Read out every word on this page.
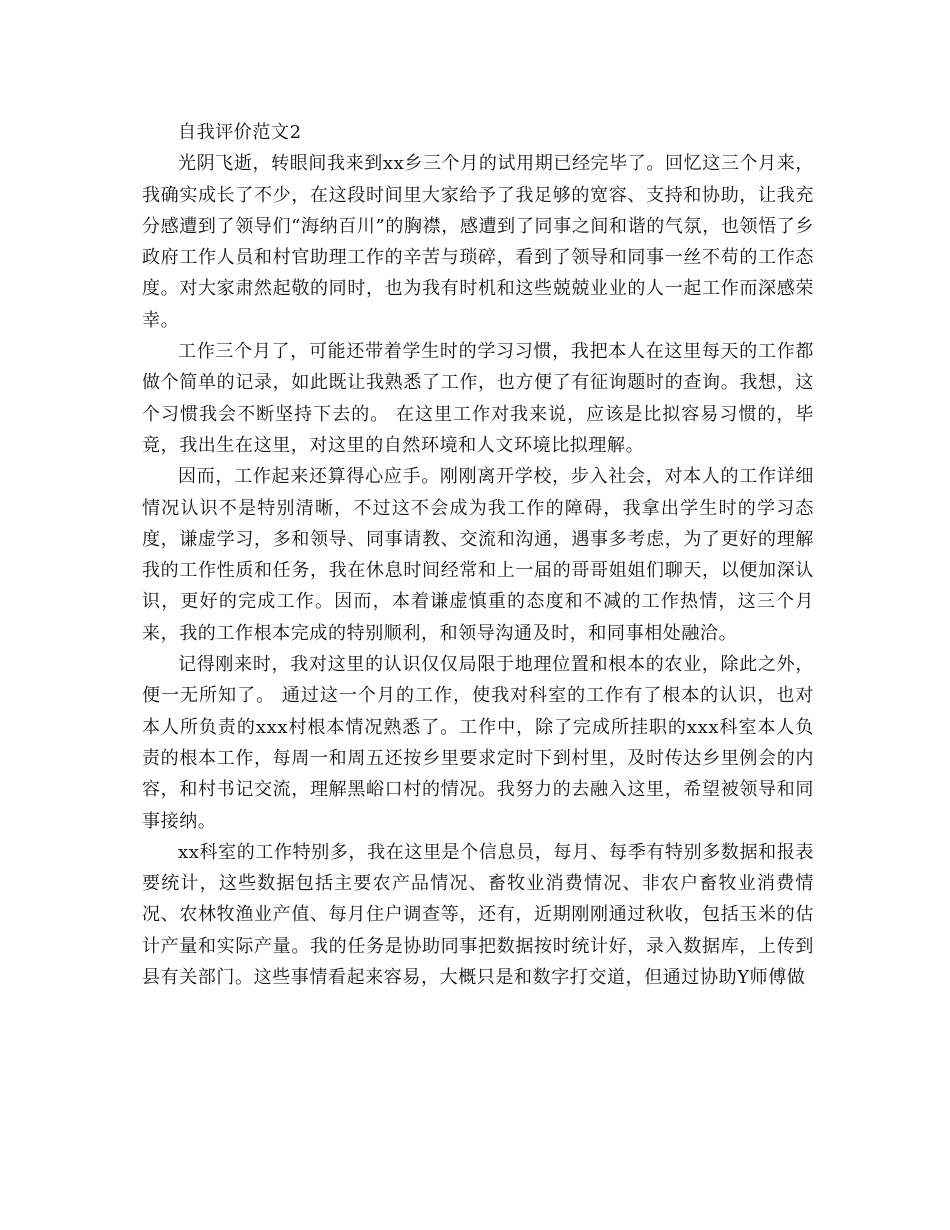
自我评价范文2

光阴飞逝，转眼间我来到xx乡三个月的试用期已经完毕了。回忆这三个月来，我确实成长了不少，在这段时间里大家给予了我足够的宽容、支持和协助，让我充分感遭到了领导们“海纳百川”的胸襟，感遭到了同事之间和谐的气氛，也领悟了乡政府工作人员和村官助理工作的辛苦与琐碎，看到了领导和同事一丝不苟的工作态度。对大家肃然起敬的同时，也为我有时机和这些兢兢业业的人一起工作而深感荣幸。

工作三个月了，可能还带着学生时的学习习惯，我把本人在这里每天的工作都做个简单的记录，如此既让我熟悉了工作，也方便了有征询题时的查询。我想，这个习惯我会不断坚持下去的。 在这里工作对我来说，应该是比拟容易习惯的，毕竟，我出生在这里，对这里的自然环境和人文环境比拟理解。

因而，工作起来还算得心应手。刚刚离开学校，步入社会，对本人的工作详细情况认识不是特别清晰，不过这不会成为我工作的障碍，我拿出学生时的学习态度，谦虚学习，多和领导、同事请教、交流和沟通，遇事多考虑，为了更好的理解我的工作性质和任务，我在休息时间经常和上一届的哥哥姐姐们聊天，以便加深认识，更好的完成工作。因而，本着谦虚慎重的态度和不减的工作热情，这三个月来，我的工作根本完成的特别顺利，和领导沟通及时，和同事相处融洽。

记得刚来时，我对这里的认识仅仅局限于地理位置和根本的农业，除此之外，便一无所知了。 通过这一个月的工作，使我对科室的工作有了根本的认识，也对本人所负责的xxx村根本情况熟悉了。工作中，除了完成所挂职的xxx科室本人负责的根本工作，每周一和周五还按乡里要求定时下到村里，及时传达乡里例会的内容，和村书记交流，理解黑峪口村的情况。我努力的去融入这里，希望被领导和同事接纳。

xx科室的工作特别多，我在这里是个信息员，每月、每季有特别多数据和报表要统计，这些数据包括主要农产品情况、畜牧业消费情况、非农户畜牧业消费情况、农林牧渔业产值、每月住户调查等，还有，近期刚刚通过秋收，包括玉米的估计产量和实际产量。我的任务是协助同事把数据按时统计好，录入数据库，上传到县有关部门。这些事情看起来容易，大概只是和数字打交道，但通过协助Y师傅做
